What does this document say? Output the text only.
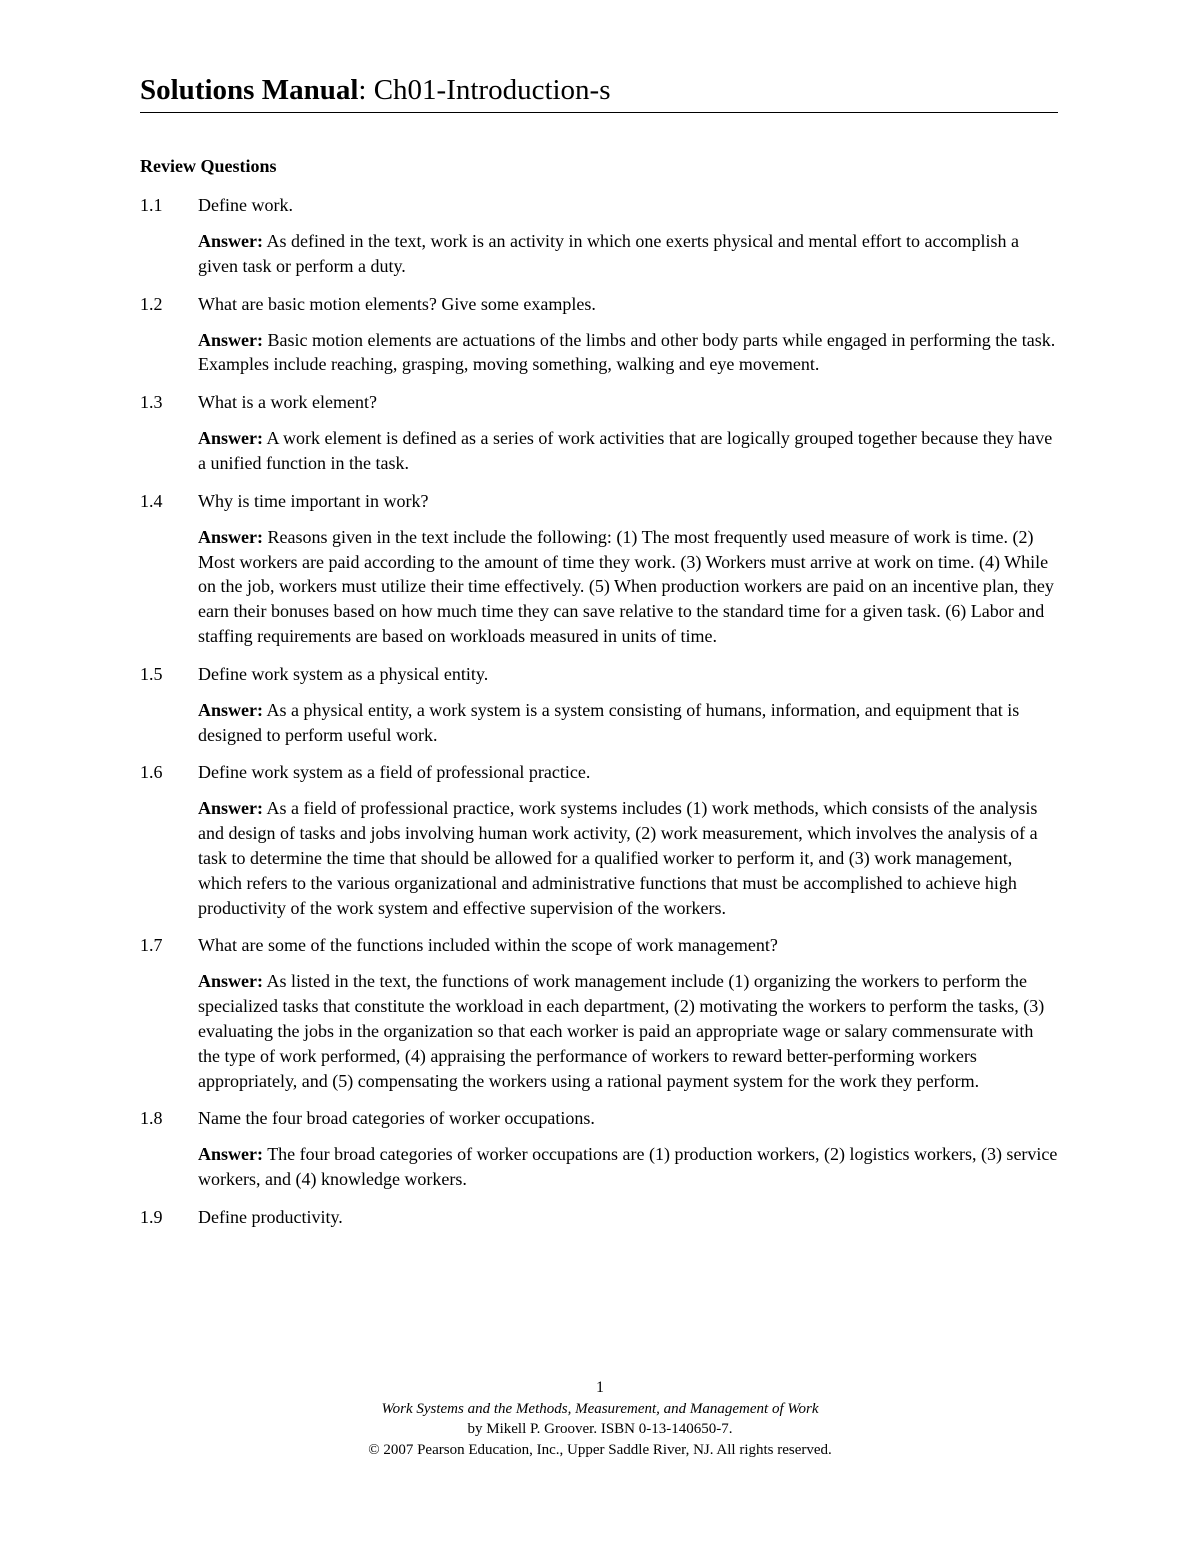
Solutions Manual: Ch01-Introduction-s
Review Questions
1.1	Define work.
Answer: As defined in the text, work is an activity in which one exerts physical and mental effort to accomplish a given task or perform a duty.
1.2	What are basic motion elements? Give some examples.
Answer: Basic motion elements are actuations of the limbs and other body parts while engaged in performing the task. Examples include reaching, grasping, moving something, walking and eye movement.
1.3	What is a work element?
Answer: A work element is defined as a series of work activities that are logically grouped together because they have a unified function in the task.
1.4	Why is time important in work?
Answer: Reasons given in the text include the following: (1) The most frequently used measure of work is time. (2) Most workers are paid according to the amount of time they work. (3) Workers must arrive at work on time. (4) While on the job, workers must utilize their time effectively. (5) When production workers are paid on an incentive plan, they earn their bonuses based on how much time they can save relative to the standard time for a given task. (6) Labor and staffing requirements are based on workloads measured in units of time.
1.5	Define work system as a physical entity.
Answer: As a physical entity, a work system is a system consisting of humans, information, and equipment that is designed to perform useful work.
1.6	Define work system as a field of professional practice.
Answer: As a field of professional practice, work systems includes (1) work methods, which consists of the analysis and design of tasks and jobs involving human work activity, (2) work measurement, which involves the analysis of a task to determine the time that should be allowed for a qualified worker to perform it, and (3) work management, which refers to the various organizational and administrative functions that must be accomplished to achieve high productivity of the work system and effective supervision of the workers.
1.7	What are some of the functions included within the scope of work management?
Answer: As listed in the text, the functions of work management include (1) organizing the workers to perform the specialized tasks that constitute the workload in each department, (2) motivating the workers to perform the tasks, (3) evaluating the jobs in the organization so that each worker is paid an appropriate wage or salary commensurate with the type of work performed, (4) appraising the performance of workers to reward better-performing workers appropriately, and (5) compensating the workers using a rational payment system for the work they perform.
1.8	Name the four broad categories of worker occupations.
Answer: The four broad categories of worker occupations are (1) production workers, (2) logistics workers, (3) service workers, and (4) knowledge workers.
1.9	Define productivity.
1
Work Systems and the Methods, Measurement, and Management of Work
by Mikell P. Groover. ISBN 0-13-140650-7.
© 2007 Pearson Education, Inc., Upper Saddle River, NJ. All rights reserved.
